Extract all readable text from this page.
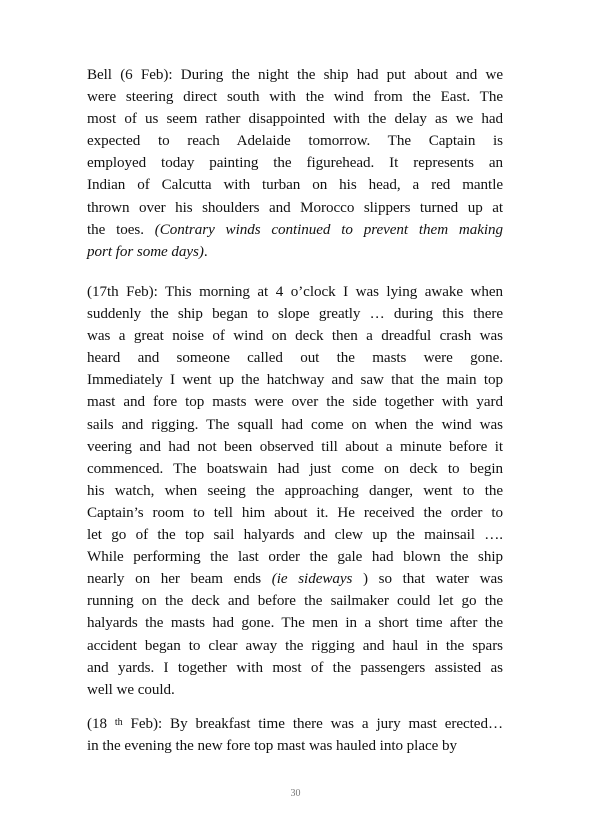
Bell (6 Feb): During the night the ship had put about and we
were steering direct south with the wind from the East. The
most of us seem rather disappointed with the delay as we had
expected to reach Adelaide tomorrow. The Captain is
employed today painting the figurehead. It represents an
Indian of Calcutta with turban on his head, a red mantle
thrown over his shoulders and Morocco slippers turned up at
the toes. (Contrary winds continued to prevent them making
port for some days).
(17th Feb): This morning at 4 o’clock I was lying awake when
suddenly the ship began to slope greatly … during this there
was a great noise of wind on deck then a dreadful crash was
heard and someone called out the masts were gone.
Immediately I went up the hatchway and saw that the main top
mast and fore top masts were over the side together with yard
sails and rigging. The squall had come on when the wind was
veering and had not been observed till about a minute before it
commenced. The boatswain had just come on deck to begin
his watch, when seeing the approaching danger, went to the
Captain’s room to tell him about it. He received the order to
let go of the top sail halyards and clew up the mainsail ….
While performing the last order the gale had blown the ship
nearly on her beam ends (ie sideways ) so that water was
running on the deck and before the sailmaker could let go the
halyards the masts had gone. The men in a short time after the
accident began to clear away the rigging and haul in the spars
and yards. I together with most of the passengers assisted as
well we could.
(18 $^{th}$ Feb): By breakfast time there was a jury mast erected…
in the evening the new fore top mast was hauled into place by
30
